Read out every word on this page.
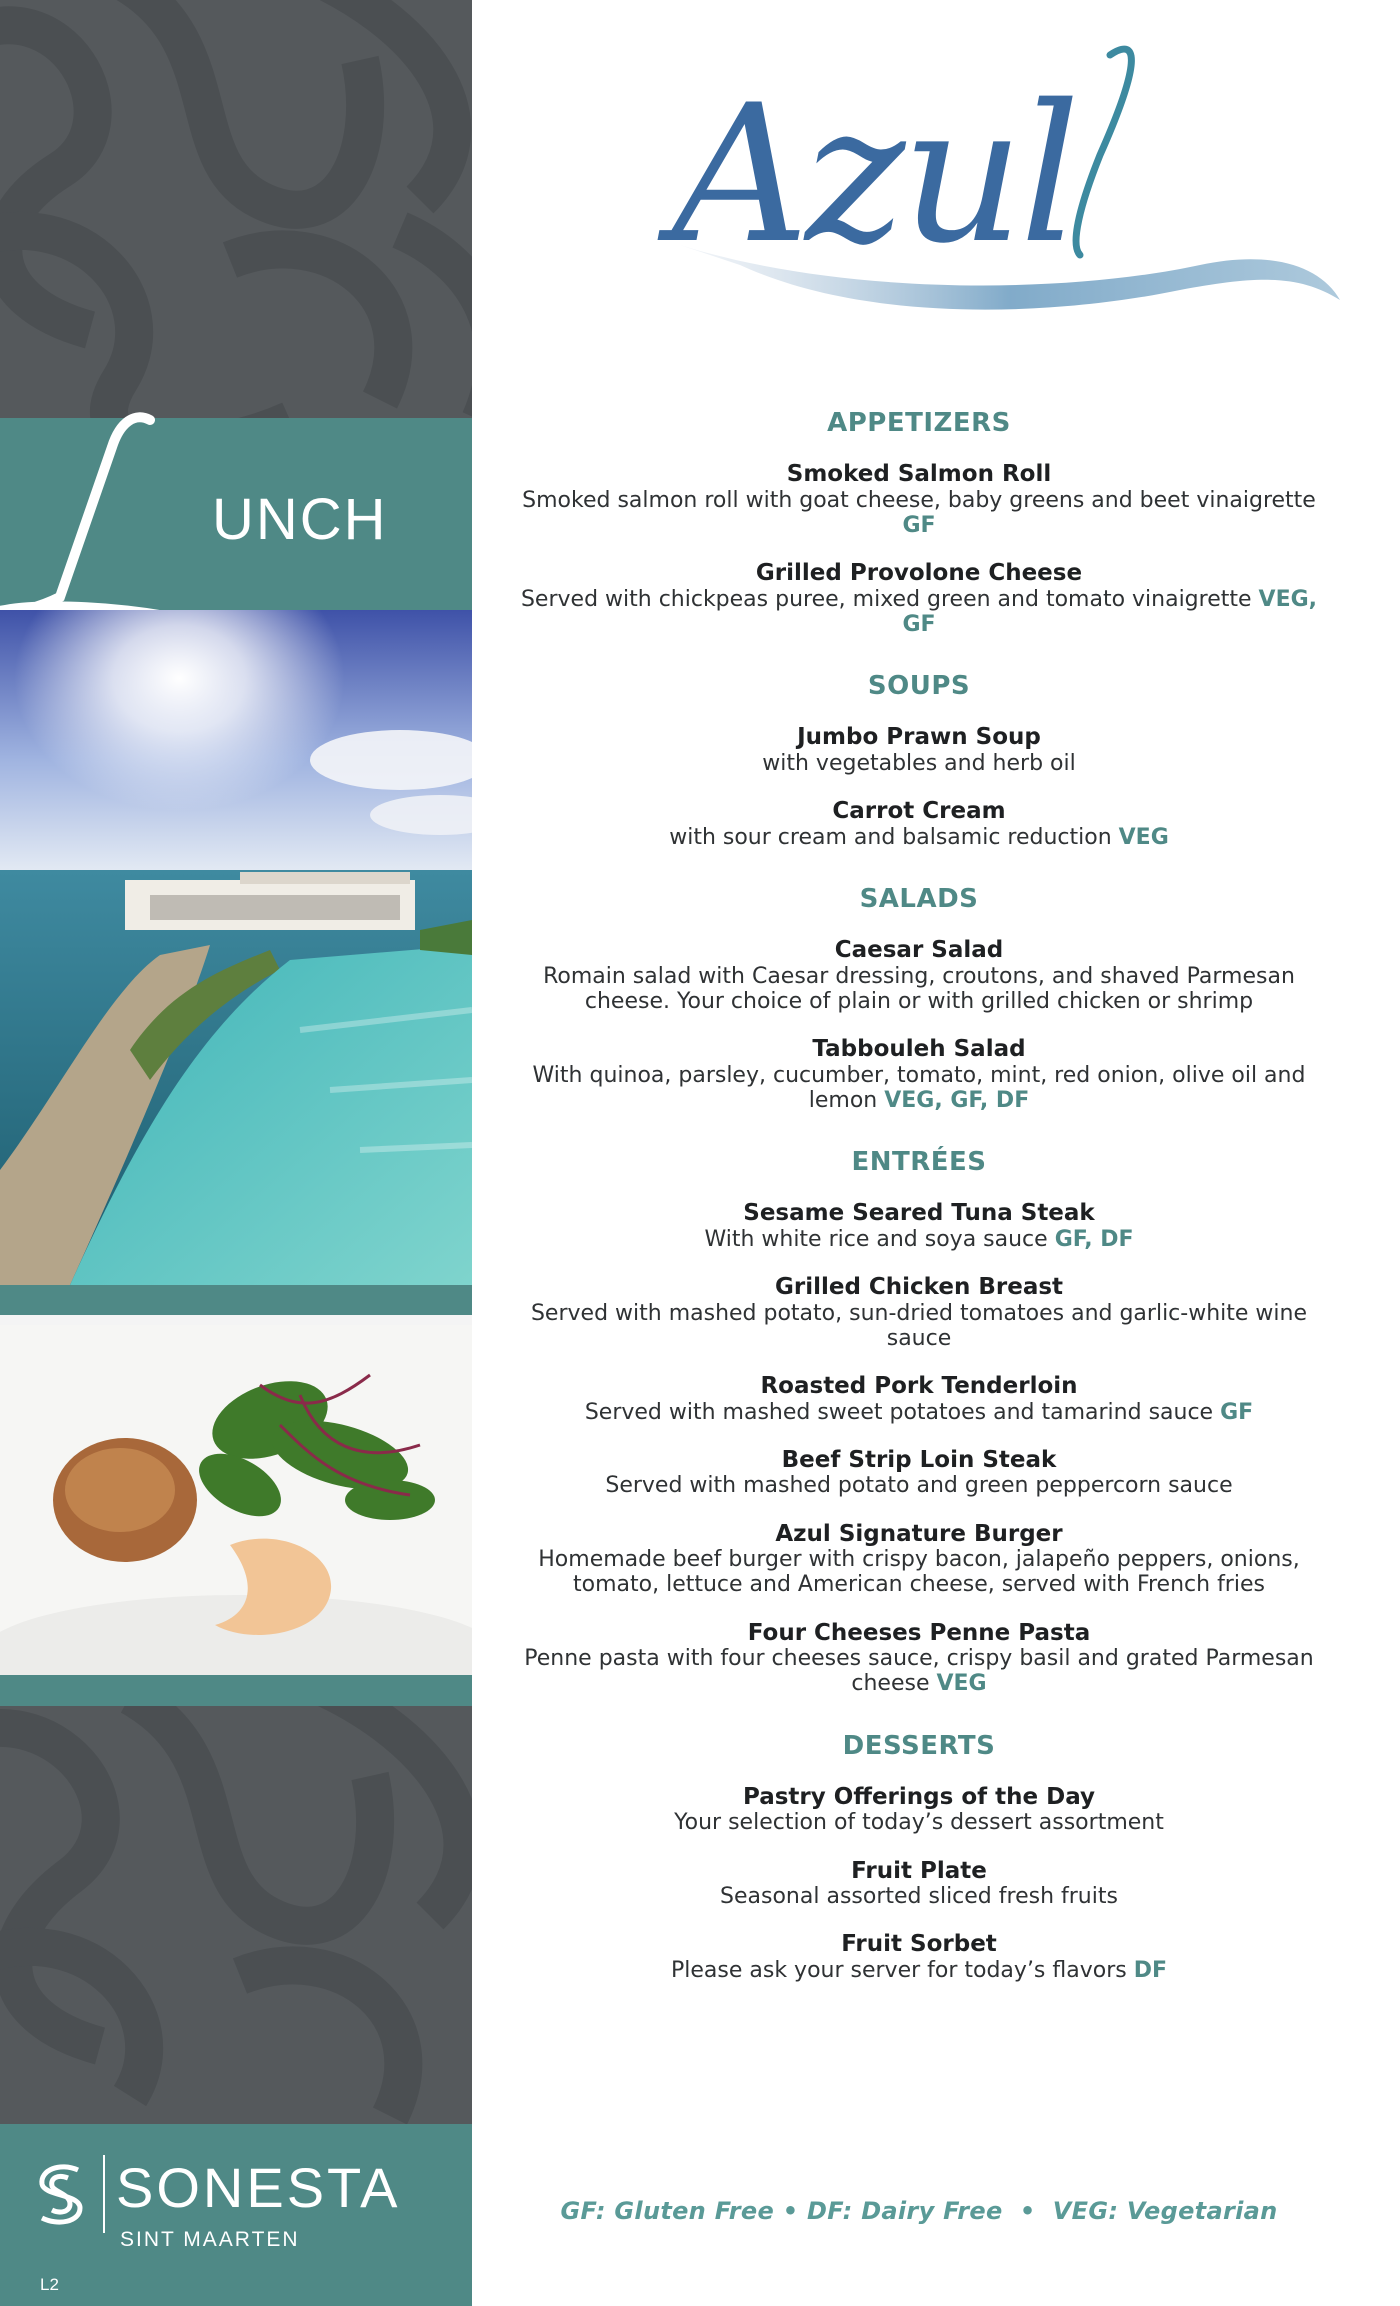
L
UNCH
SONESTA
SINT MAARTEN
L2
Azul
APPETIZERS
Smoked Salmon Roll
Smoked salmon roll with goat cheese, baby greens and beet vinaigrette GF
Grilled Provolone Cheese
Served with chickpeas puree, mixed green and tomato vinaigrette VEG, GF
SOUPS
Jumbo Prawn Soup
with vegetables and herb oil
Carrot Cream
with sour cream and balsamic reduction VEG
SALADS
Caesar Salad
Romain salad with Caesar dressing, croutons, and shaved Parmesan cheese. Your choice of plain or with grilled chicken or shrimp
Tabbouleh Salad
With quinoa, parsley, cucumber, tomato, mint, red onion, olive oil and lemon VEG, GF, DF
ENTRÉES
Sesame Seared Tuna Steak
With white rice and soya sauce GF, DF
Grilled Chicken Breast
Served with mashed potato, sun-dried tomatoes and garlic-white wine sauce
Roasted Pork Tenderloin
Served with mashed sweet potatoes and tamarind sauce GF
Beef Strip Loin Steak
Served with mashed potato and green peppercorn sauce
Azul Signature Burger
Homemade beef burger with crispy bacon, jalapeño peppers, onions, tomato, lettuce and American cheese, served with French fries
Four Cheeses Penne Pasta
Penne pasta with four cheeses sauce, crispy basil and grated Parmesan cheese VEG
DESSERTS
Pastry Offerings of the Day
Your selection of today’s dessert assortment
Fruit Plate
Seasonal assorted sliced fresh fruits
Fruit Sorbet
Please ask your server for today’s flavors DF
GF: Gluten Free • DF: Dairy Free  •  VEG: Vegetarian
